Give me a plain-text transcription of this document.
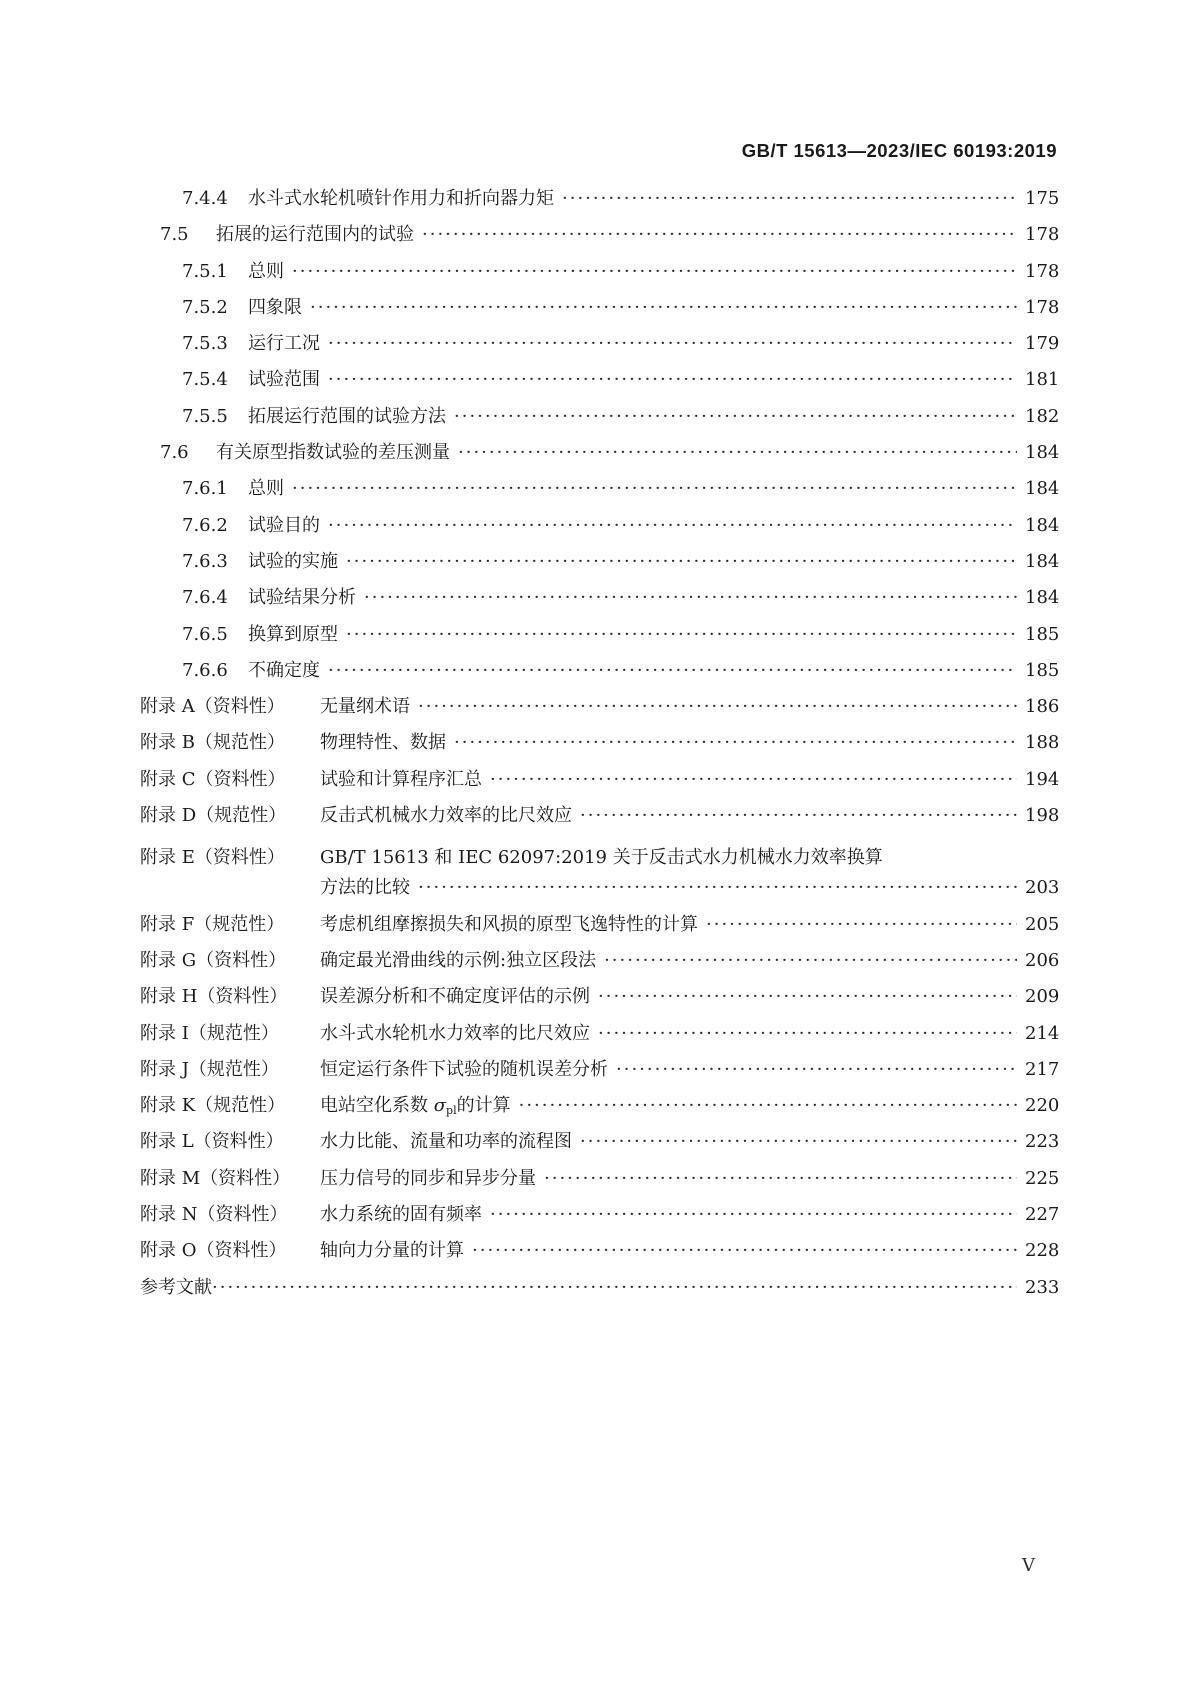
GB/T 15613—2023/IEC 60193:2019
7.4.4	水斗式水轮机喷针作用力和折向器力矩 ·····	175
7.5	拓展的运行范围内的试验 ·····	178
7.5.1	总则 ·····	178
7.5.2	四象限 ·····	178
7.5.3	运行工况 ·····	179
7.5.4	试验范围 ·····	181
7.5.5	拓展运行范围的试验方法 ·····	182
7.6	有关原型指数试验的差压测量 ·····	184
7.6.1	总则 ·····	184
7.6.2	试验目的 ·····	184
7.6.3	试验的实施 ·····	184
7.6.4	试验结果分析 ·····	184
7.6.5	换算到原型 ·····	185
7.6.6	不确定度 ·····	185
附录 A（资料性）	无量纲术语 ·····	186
附录 B（规范性）	物理特性、数据 ·····	188
附录 C（资料性）	试验和计算程序汇总 ·····	194
附录 D（规范性）	反击式机械水力效率的比尺效应 ·····	198
附录 E（资料性）	GB/T 15613 和 IEC 62097:2019 关于反击式水力机械水力效率换算
方法的比较 ·····	203
附录 F（规范性）	考虑机组摩擦损失和风损的原型飞逸特性的计算 ·····	205
附录 G（资料性）	确定最光滑曲线的示例:独立区段法 ·····	206
附录 H（资料性）	误差源分析和不确定度评估的示例 ·····	209
附录 I（规范性）	水斗式水轮机水力效率的比尺效应 ·····	214
附录 J（规范性）	恒定运行条件下试验的随机误差分析 ·····	217
附录 K（规范性）	电站空化系数 $\sigma_{pl}$的计算 ·····	220
附录 L（资料性）	水力比能、流量和功率的流程图 ·····	223
附录 M（资料性）	压力信号的同步和异步分量 ·····	225
附录 N（资料性）	水力系统的固有频率 ·····	227
附录 O（资料性）	轴向力分量的计算 ·····	228
参考文献 ·····	233
V
